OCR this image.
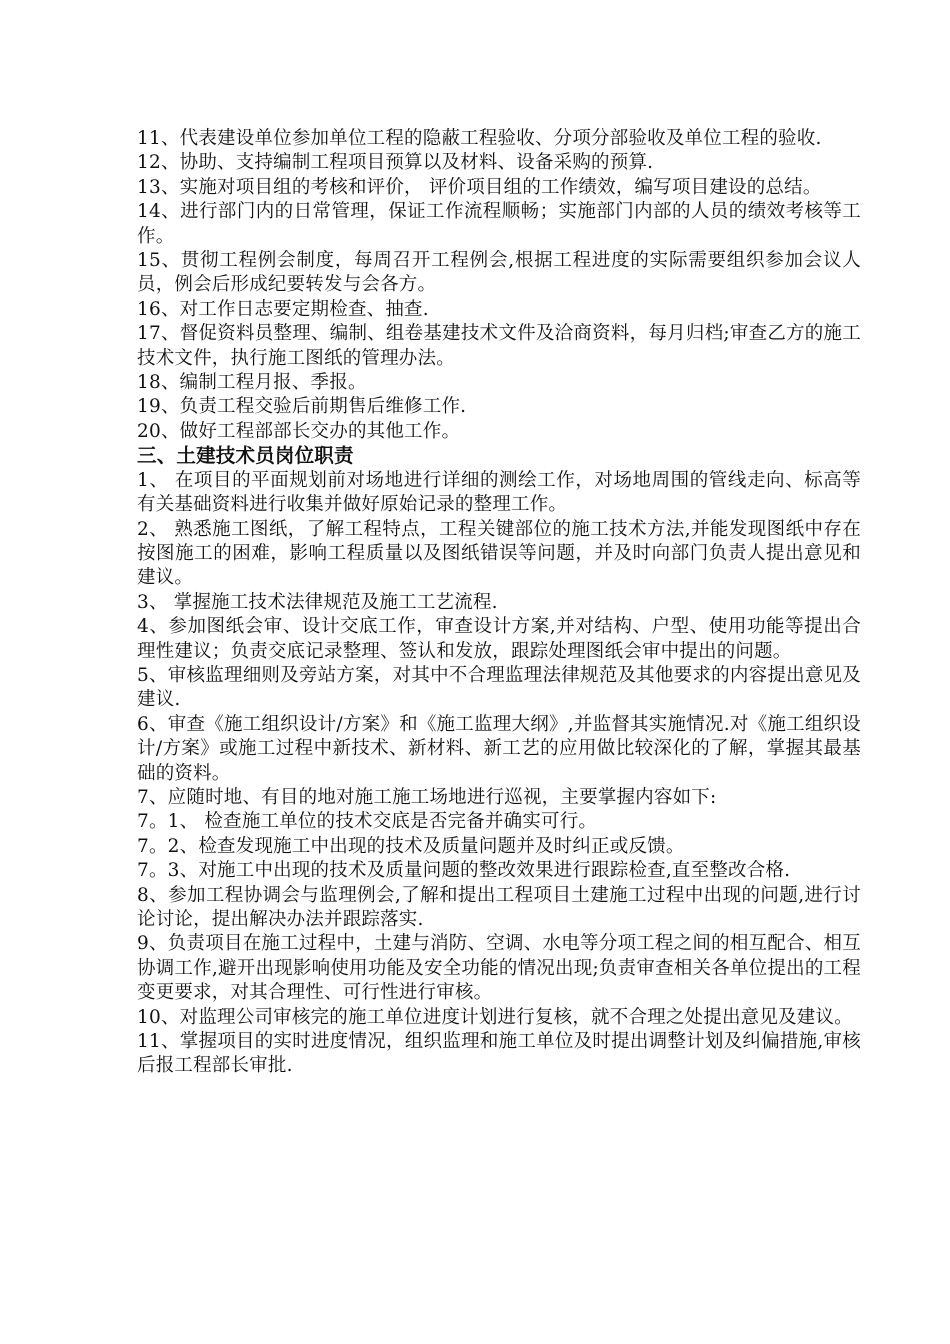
11、代表建设单位参加单位工程的隐蔽工程验收、分项分部验收及单位工程的验收.

12、协助、支持编制工程项目预算以及材料、设备采购的预算.

13、实施对项目组的考核和评价， 评价项目组的工作绩效，编写项目建设的总结。

14、进行部门内的日常管理，保证工作流程顺畅；实施部门内部的人员的绩效考核等工作。

15、贯彻工程例会制度，每周召开工程例会,根据工程进度的实际需要组织参加会议人员，例会后形成纪要转发与会各方。

16、对工作日志要定期检查、抽查.

17、督促资料员整理、编制、组卷基建技术文件及洽商资料，每月归档;审查乙方的施工技术文件，执行施工图纸的管理办法。

18、编制工程月报、季报。

19、负责工程交验后前期售后维修工作.

20、做好工程部部长交办的其他工作。

三、土建技术员岗位职责

1、 在项目的平面规划前对场地进行详细的测绘工作，对场地周围的管线走向、标高等有关基础资料进行收集并做好原始记录的整理工作。

2、 熟悉施工图纸，了解工程特点，工程关键部位的施工技术方法,并能发现图纸中存在按图施工的困难，影响工程质量以及图纸错误等问题，并及时向部门负责人提出意见和建议。

3、 掌握施工技术法律规范及施工工艺流程.

4、参加图纸会审、设计交底工作，审查设计方案,并对结构、户型、使用功能等提出合理性建议；负责交底记录整理、签认和发放，跟踪处理图纸会审中提出的问题。

5、审核监理细则及旁站方案，对其中不合理监理法律规范及其他要求的内容提出意见及建议.

6、审查《施工组织设计/方案》和《施工监理大纲》,并监督其实施情况.对《施工组织设计/方案》或施工过程中新技术、新材料、新工艺的应用做比较深化的了解，掌握其最基础的资料。

7、应随时地、有目的地对施工施工场地进行巡视，主要掌握内容如下:

7。1、 检查施工单位的技术交底是否完备并确实可行。

7。2、检查发现施工中出现的技术及质量问题并及时纠正或反馈。

7。3、对施工中出现的技术及质量问题的整改效果进行跟踪检查,直至整改合格.

8、参加工程协调会与监理例会,了解和提出工程项目土建施工过程中出现的问题,进行讨论讨论，提出解决办法并跟踪落实.

9、负责项目在施工过程中，土建与消防、空调、水电等分项工程之间的相互配合、相互协调工作,避开出现影响使用功能及安全功能的情况出现;负责审查相关各单位提出的工程变更要求，对其合理性、可行性进行审核。

10、对监理公司审核完的施工单位进度计划进行复核，就不合理之处提出意见及建议。

11、掌握项目的实时进度情况，组织监理和施工单位及时提出调整计划及纠偏措施,审核后报工程部长审批.
